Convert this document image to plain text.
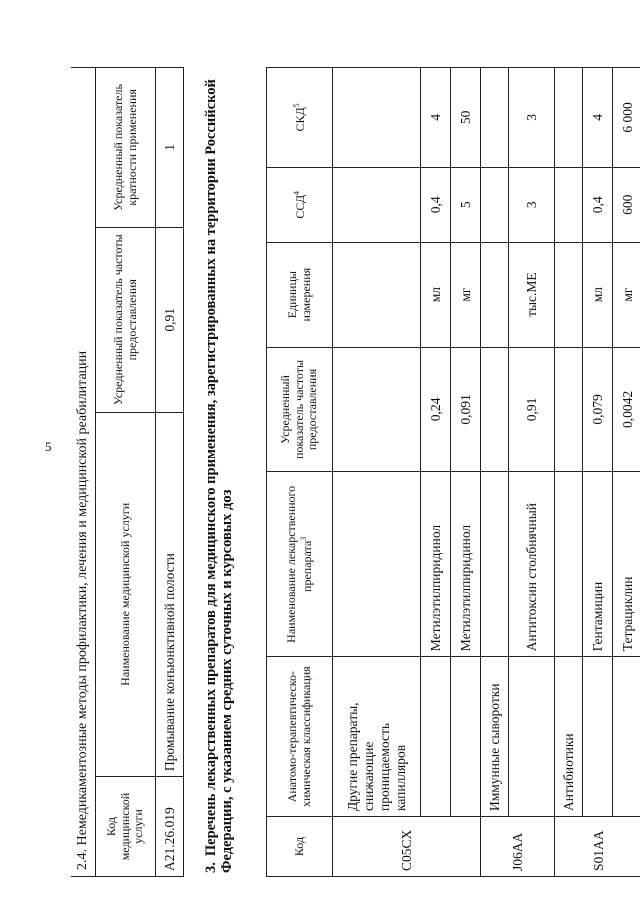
5 2.4. Немедикаментозные методы профилактики, лечения и медицинской реабилитации			
Код медицинской услуги	Наименование медицинской услуги	Усредненный показатель частоты предоставления	Усредненный показатель кратности применения
A21.26.019	Промывание конъюнктивной полости	0,91	1
3.Перечень лекарственных препаратов для медицинского применения, зарегистрированных на территории Российской Федерации, с указанием средних суточных и курсовых доз	Код	Анатомо-терапевтическо-химическая классификация	Наименование лекарственного препарата$^3$	Усредненный показатель частоты предоставления	Единицы измерения	ССД$^4$	СКД$^5$
C05CX	Другие препараты, снижающие проницаемость капилляров					
		Метилэтилпиридинол	0,24	мл	0,4	4
		Метилэтилпиридинол	0,091	мг	5	50
J06AA	Иммунные сыворотки					
		Антитоксин столбнячный	0,91	тыс.МЕ	3	3
S01AA	Антибиотики					
		Гентамицин	0,079	мл	0,4	4
		Тетрациклин	0,0042	мг	600	6 000
